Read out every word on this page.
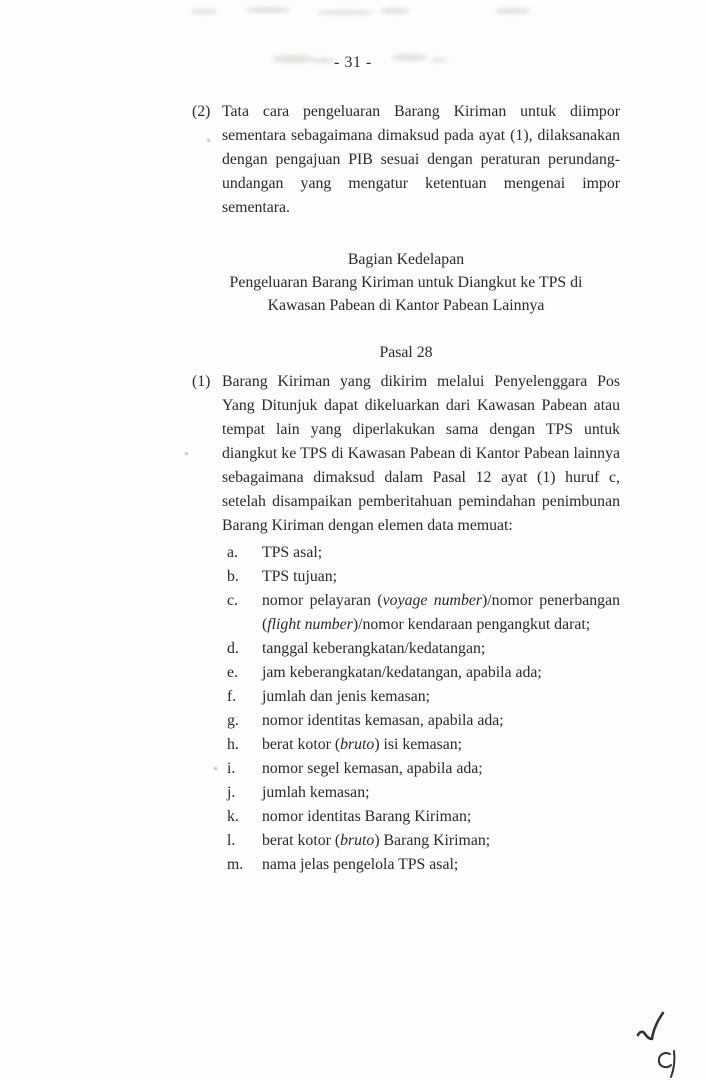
- 31 -
(2) Tata cara pengeluaran Barang Kiriman untuk diimpor sementara sebagaimana dimaksud pada ayat (1), dilaksanakan dengan pengajuan PIB sesuai dengan peraturan perundang-undangan yang mengatur ketentuan mengenai impor sementara.
Bagian Kedelapan
Pengeluaran Barang Kiriman untuk Diangkut ke TPS di
Kawasan Pabean di Kantor Pabean Lainnya
Pasal 28
(1) Barang Kiriman yang dikirim melalui Penyelenggara Pos Yang Ditunjuk dapat dikeluarkan dari Kawasan Pabean atau tempat lain yang diperlakukan sama dengan TPS untuk diangkut ke TPS di Kawasan Pabean di Kantor Pabean lainnya sebagaimana dimaksud dalam Pasal 12 ayat (1) huruf c, setelah disampaikan pemberitahuan pemindahan penimbunan Barang Kiriman dengan elemen data memuat:
a.	TPS asal;
b.	TPS tujuan;
c.	nomor pelayaran (voyage number)/nomor penerbangan (flight number)/nomor kendaraan pengangkut darat;
d.	tanggal keberangkatan/kedatangan;
e.	jam keberangkatan/kedatangan, apabila ada;
f.	jumlah dan jenis kemasan;
g.	nomor identitas kemasan, apabila ada;
h.	berat kotor (bruto) isi kemasan;
i.	nomor segel kemasan, apabila ada;
j.	jumlah kemasan;
k.	nomor identitas Barang Kiriman;
l.	berat kotor (bruto) Barang Kiriman;
m.	nama jelas pengelola TPS asal;
